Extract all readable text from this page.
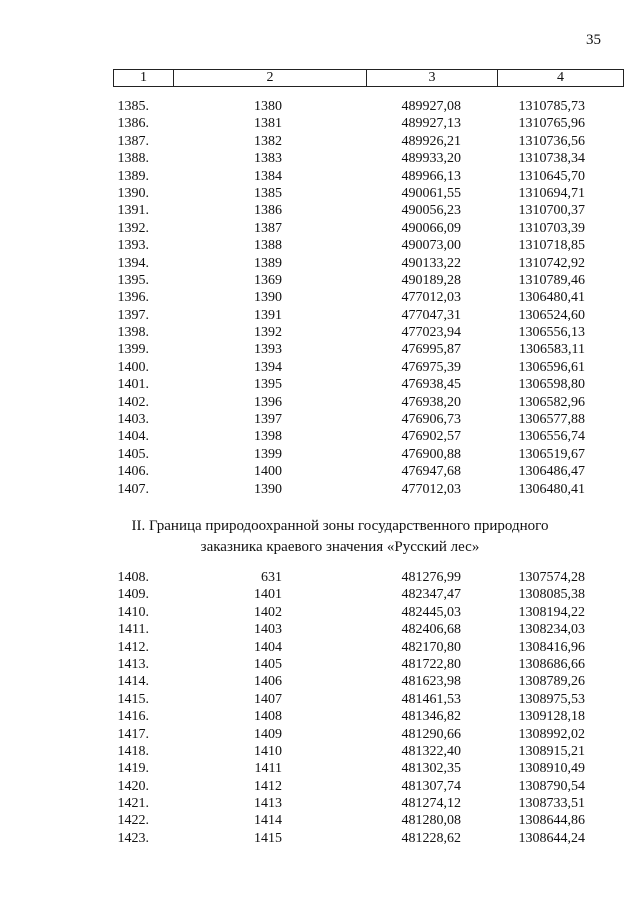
35
1	2	3	4
1385.	1380	489927,08	1310785,73
1386.	1381	489927,13	1310765,96
1387.	1382	489926,21	1310736,56
1388.	1383	489933,20	1310738,34
1389.	1384	489966,13	1310645,70
1390.	1385	490061,55	1310694,71
1391.	1386	490056,23	1310700,37
1392.	1387	490066,09	1310703,39
1393.	1388	490073,00	1310718,85
1394.	1389	490133,22	1310742,92
1395.	1369	490189,28	1310789,46
1396.	1390	477012,03	1306480,41
1397.	1391	477047,31	1306524,60
1398.	1392	477023,94	1306556,13
1399.	1393	476995,87	1306583,11
1400.	1394	476975,39	1306596,61
1401.	1395	476938,45	1306598,80
1402.	1396	476938,20	1306582,96
1403.	1397	476906,73	1306577,88
1404.	1398	476902,57	1306556,74
1405.	1399	476900,88	1306519,67
1406.	1400	476947,68	1306486,47
1407.	1390	477012,03	1306480,41
II. Граница природоохранной зоны государственного природного
заказника краевого значения «Русский лес»
1408.	631	481276,99	1307574,28
1409.	1401	482347,47	1308085,38
1410.	1402	482445,03	1308194,22
1411.	1403	482406,68	1308234,03
1412.	1404	482170,80	1308416,96
1413.	1405	481722,80	1308686,66
1414.	1406	481623,98	1308789,26
1415.	1407	481461,53	1308975,53
1416.	1408	481346,82	1309128,18
1417.	1409	481290,66	1308992,02
1418.	1410	481322,40	1308915,21
1419.	1411	481302,35	1308910,49
1420.	1412	481307,74	1308790,54
1421.	1413	481274,12	1308733,51
1422.	1414	481280,08	1308644,86
1423.	1415	481228,62	1308644,24
